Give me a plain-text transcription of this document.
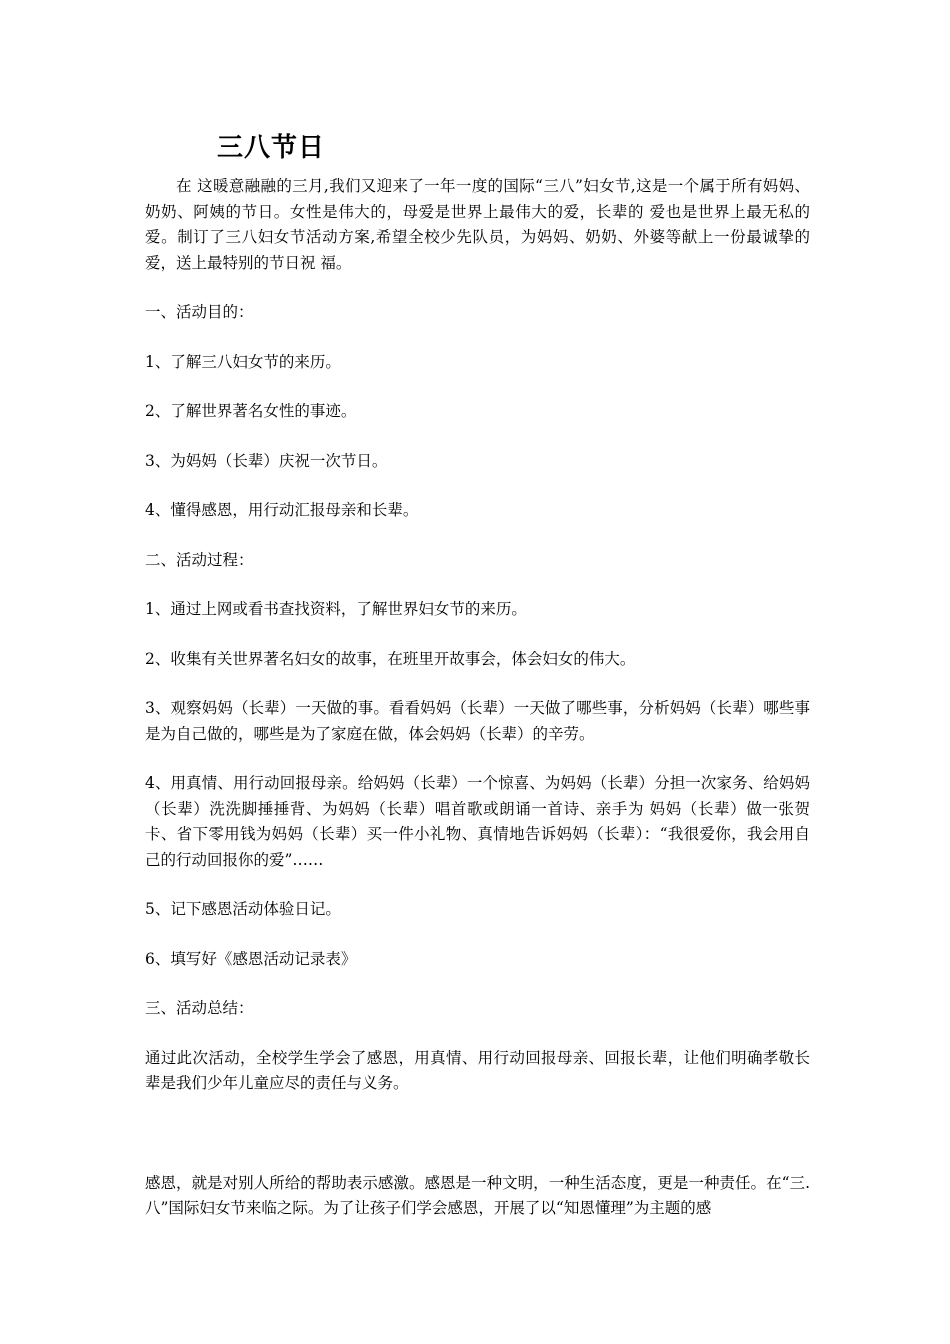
三八节日

在 这暖意融融的三月,我们又迎来了一年一度的国际“三八”妇女节,这是一个属于所有妈妈、奶奶、阿姨的节日。女性是伟大的，母爱是世界上最伟大的爱，长辈的 爱也是世界上最无私的爱。制订了三八妇女节活动方案,希望全校少先队员，为妈妈、奶奶、外婆等献上一份最诚挚的爱，送上最特别的节日祝 福。

一、活动目的：

1、了解三八妇女节的来历。

2、了解世界著名女性的事迹。

3、为妈妈（长辈）庆祝一次节日。

4、懂得感恩，用行动汇报母亲和长辈。

二、活动过程：

1、通过上网或看书查找资料，了解世界妇女节的来历。

2、收集有关世界著名妇女的故事，在班里开故事会，体会妇女的伟大。

3、观察妈妈（长辈）一天做的事。看看妈妈（长辈）一天做了哪些事，分析妈妈（长辈）哪些事是为自己做的，哪些是为了家庭在做，体会妈妈（长辈）的辛劳。

4、用真情、用行动回报母亲。给妈妈（长辈）一个惊喜、为妈妈（长辈）分担一次家务、给妈妈（长辈）洗洗脚捶捶背、为妈妈（长辈）唱首歌或朗诵一首诗、亲手为 妈妈（长辈）做一张贺卡、省下零用钱为妈妈（长辈）买一件小礼物、真情地告诉妈妈（长辈）：“我很爱你，我会用自己的行动回报你的爱”……

5、记下感恩活动体验日记。

6、填写好《感恩活动记录表》

三、活动总结：

通过此次活动，全校学生学会了感恩，用真情、用行动回报母亲、回报长辈，让他们明确孝敬长辈是我们少年儿童应尽的责任与义务。

感恩，就是对别人所给的帮助表示感激。感恩是一种文明，一种生活态度，更是一种责任。在“三.八”国际妇女节来临之际。为了让孩子们学会感恩，开展了以“知恩懂理”为主题的感
